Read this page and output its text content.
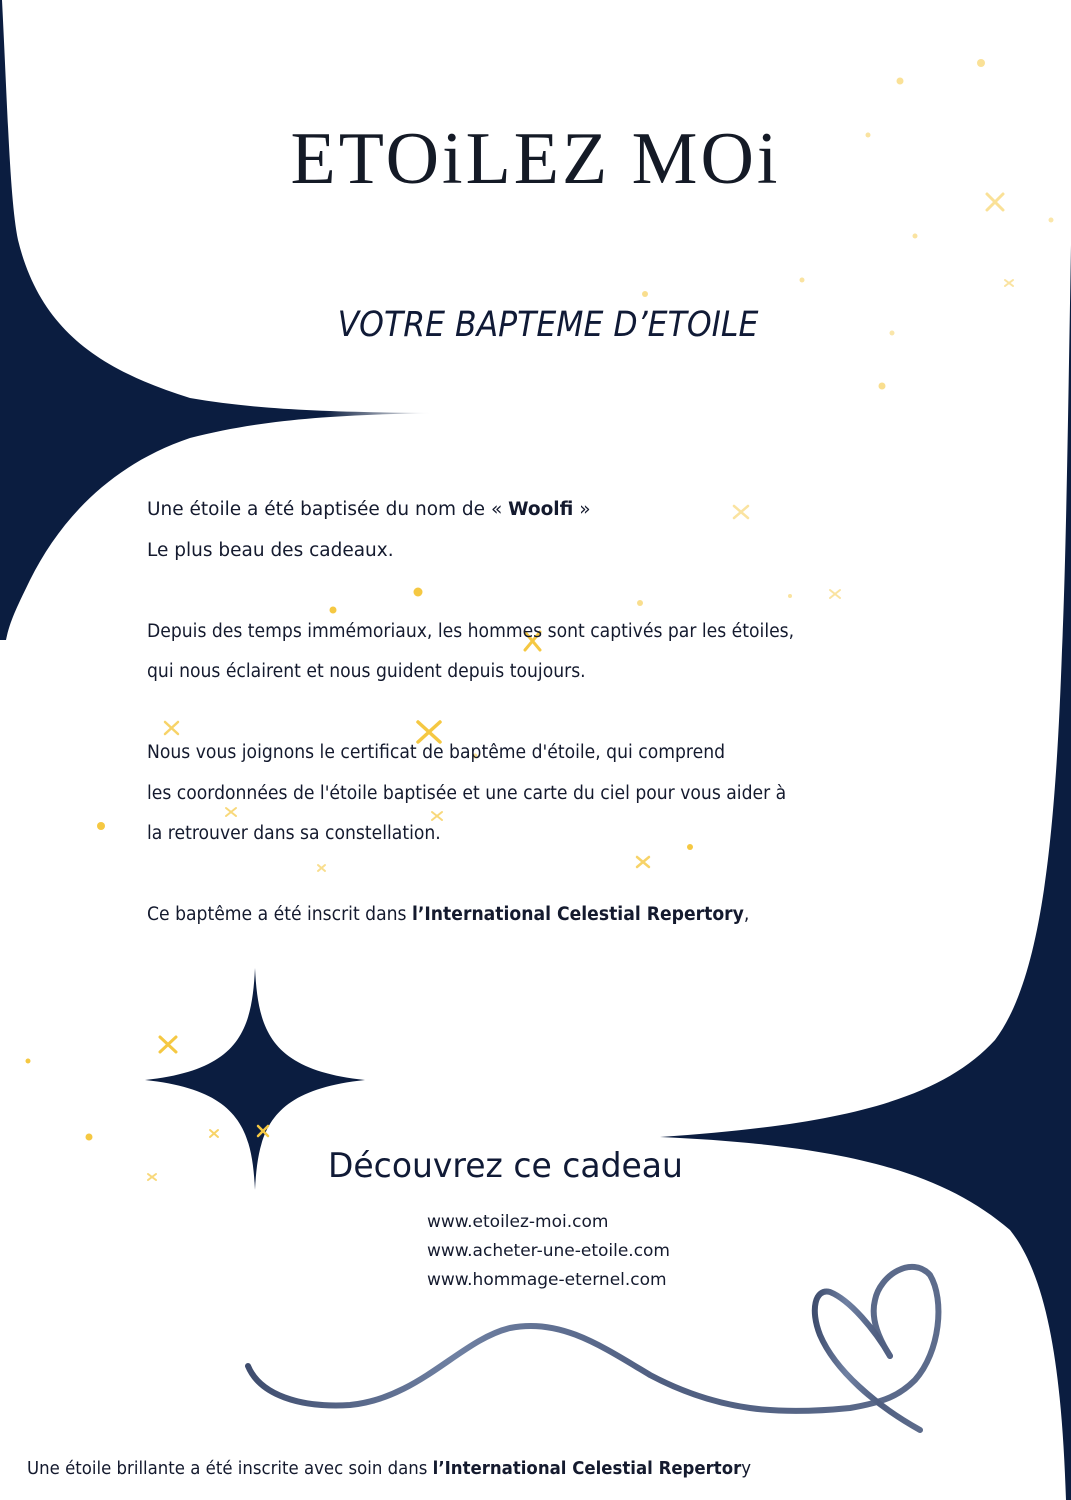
ETOiLEZ MOi
VOTRE BAPTEME D’ETOILE

Une étoile a été baptisée du nom de « Woolfi »
Le plus beau des cadeaux.

Depuis des temps immémoriaux, les hommes sont captivés par les étoiles,
qui nous éclairent et nous guident depuis toujours.

Nous vous joignons le certificat de baptême d'étoile, qui comprend
les coordonnées de l'étoile baptisée et une carte du ciel pour vous aider à
la retrouver dans sa constellation.

Ce baptême a été inscrit dans l’International Celestial Repertory,

Découvrez ce cadeau
www.etoilez-moi.com
www.acheter-une-etoile.com
www.hommage-eternel.com
Une étoile brillante a été inscrite avec soin dans l’International Celestial Repertory
